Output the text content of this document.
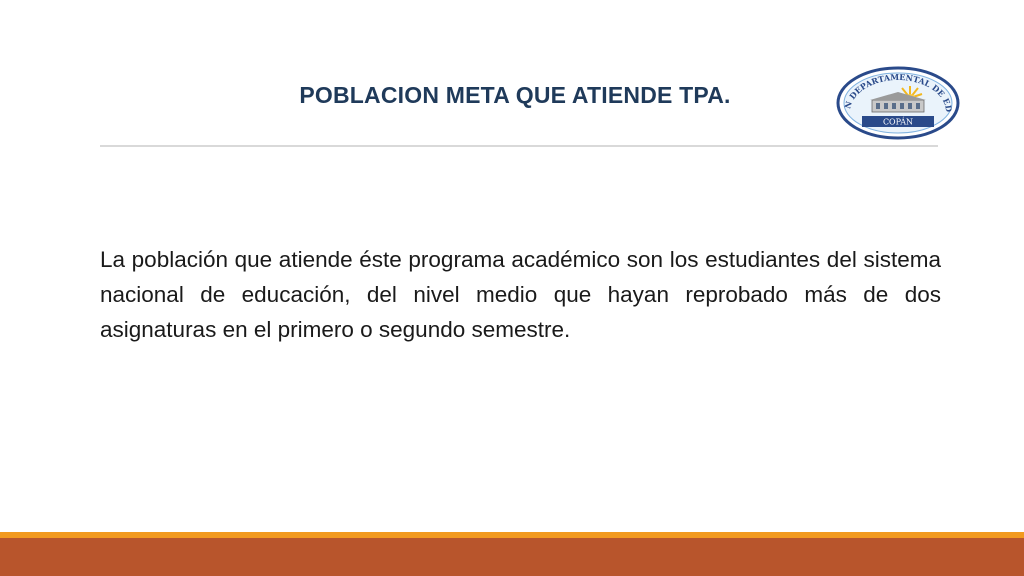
POBLACION META QUE ATIENDE TPA.	N DEPARTAMENTAL DE ED
COPÁN
La población que atiende éste programa académico son los estudiantes del sistema nacional de educación, del nivel medio que hayan reprobado más de dos asignaturas en el primero o segundo semestre.
